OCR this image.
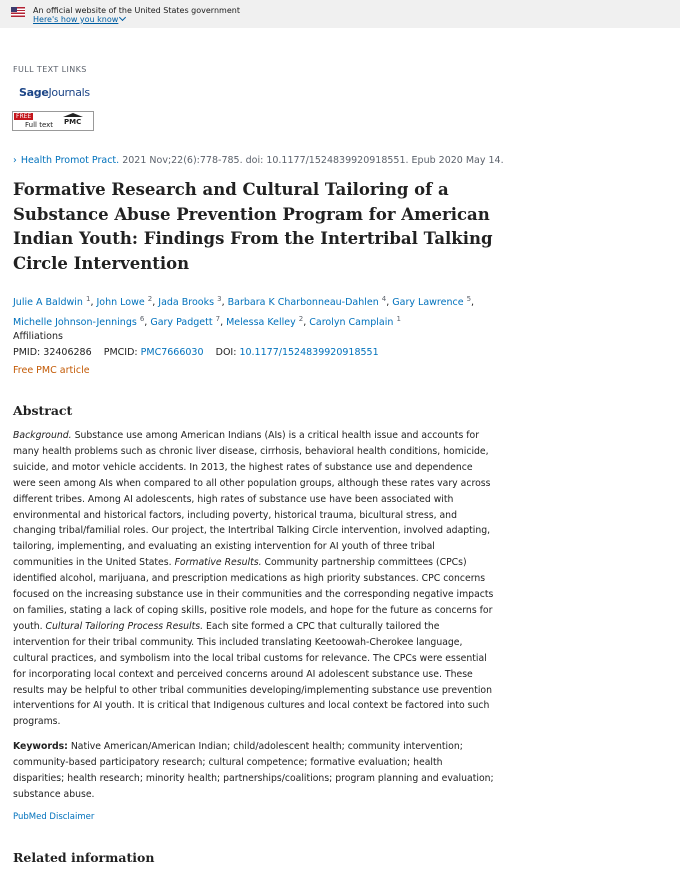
An official website of the United States government
Here's how you know
FULL TEXT LINKS
SageJournals
FREE
Full text PMC
› Health Promot Pract. 2021 Nov;22(6):778-785. doi: 10.1177/1524839920918551. Epub 2020 May 14.
Formative Research and Cultural Tailoring of a Substance Abuse Prevention Program for American Indian Youth: Findings From the Intertribal Talking Circle Intervention
Julie A Baldwin $^1$, John Lowe $^2$, Jada Brooks $^3$, Barbara K Charbonneau-Dahlen $^4$, Gary Lawrence $^5$,
Michelle Johnson-Jennings $^6$, Gary Padgett $^7$, Melessa Kelley $^2$, Carolyn Camplain $^1$
Affiliations
PMID: 32406286 PMCID: PMC7666030 DOI: 10.1177/1524839920918551
Free PMC article
Abstract
Background. Substance use among American Indians (AIs) is a critical health issue and accounts for many health problems such as chronic liver disease, cirrhosis, behavioral health conditions, homicide, suicide, and motor vehicle accidents. In 2013, the highest rates of substance use and dependence were seen among AIs when compared to all other population groups, although these rates vary across different tribes. Among AI adolescents, high rates of substance use have been associated with environmental and historical factors, including poverty, historical trauma, bicultural stress, and changing tribal/familial roles. Our project, the Intertribal Talking Circle intervention, involved adapting, tailoring, implementing, and evaluating an existing intervention for AI youth of three tribal communities in the United States. Formative Results. Community partnership committees (CPCs) identified alcohol, marijuana, and prescription medications as high priority substances. CPC concerns focused on the increasing substance use in their communities and the corresponding negative impacts on families, stating a lack of coping skills, positive role models, and hope for the future as concerns for youth. Cultural Tailoring Process Results. Each site formed a CPC that culturally tailored the intervention for their tribal community. This included translating Keetoowah-Cherokee language, cultural practices, and symbolism into the local tribal customs for relevance. The CPCs were essential for incorporating local context and perceived concerns around AI adolescent substance use. These results may be helpful to other tribal communities developing/implementing substance use prevention interventions for AI youth. It is critical that Indigenous cultures and local context be factored into such programs.
Keywords: Native American/American Indian; child/adolescent health; community intervention; community-based participatory research; cultural competence; formative evaluation; health disparities; health research; minority health; partnerships/coalitions; program planning and evaluation; substance abuse.
PubMed Disclaimer
Related information
